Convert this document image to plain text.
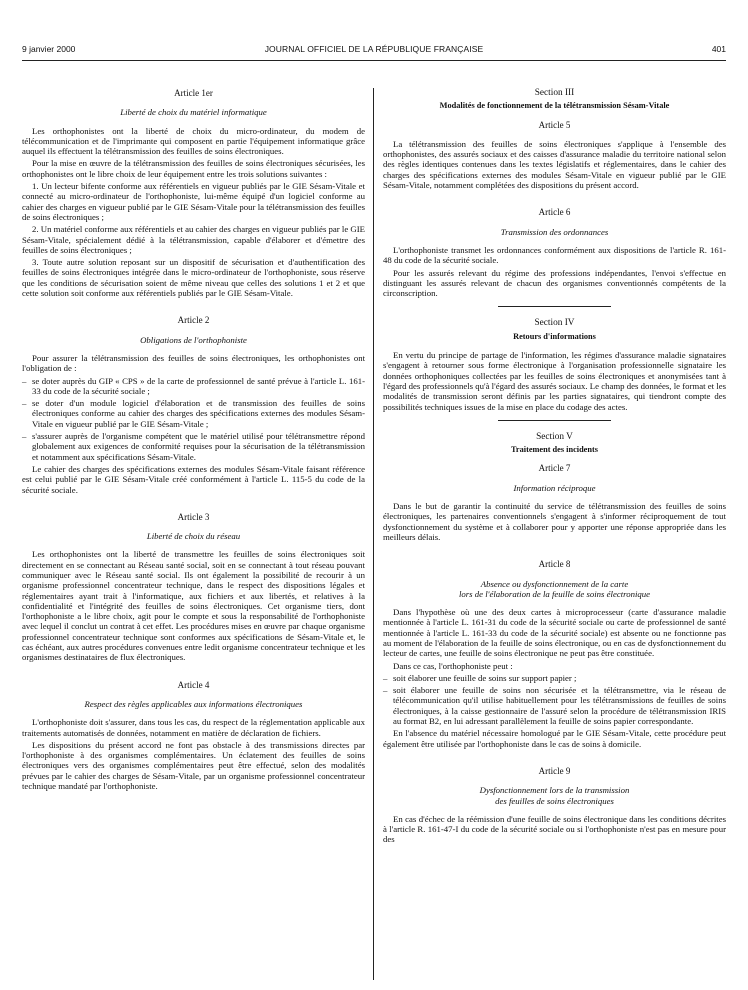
9 janvier 2000	JOURNAL OFFICIEL DE LA RÉPUBLIQUE FRANÇAISE	401
Article 1er
Liberté de choix du matériel informatique

Les orthophonistes ont la liberté de choix du micro-ordinateur, du modem de télécommunication et de l'imprimante qui composent en partie l'équipement informatique grâce auquel ils effectuent la télétransmission des feuilles de soins électroniques.

Pour la mise en œuvre de la télétransmission des feuilles de soins électroniques sécurisées, les orthophonistes ont le libre choix de leur équipement entre les trois solutions suivantes :

1. Un lecteur bifente conforme aux référentiels en vigueur publiés par le GIE Sésam-Vitale et connecté au micro-ordinateur de l'orthophoniste, lui-même équipé d'un logiciel conforme au cahier des charges en vigueur publié par le GIE Sésam-Vitale pour la télétransmission des feuilles de soins électroniques ;

2. Un matériel conforme aux référentiels et au cahier des charges en vigueur publiés par le GIE Sésam-Vitale, spécialement dédié à la télétransmission, capable d'élaborer et d'émettre des feuilles de soins électroniques ;

3. Toute autre solution reposant sur un dispositif de sécurisation et d'authentification des feuilles de soins électroniques intégrée dans le micro-ordinateur de l'orthophoniste, sous réserve que les conditions de sécurisation soient de même niveau que celles des solutions 1 et 2 et que cette solution soit conforme aux référentiels publiés par le GIE Sésam-Vitale.

Article 2
Obligations de l'orthophoniste

Pour assurer la télétransmission des feuilles de soins électroniques, les orthophonistes ont l'obligation de :

– se doter auprès du GIP « CPS » de la carte de professionnel de santé prévue à l'article L. 161-33 du code de la sécurité sociale ;

– se doter d'un module logiciel d'élaboration et de transmission des feuilles de soins électroniques conforme au cahier des charges des spécifications externes des modules Sésam-Vitale en vigueur publié par le GIE Sésam-Vitale ;

– s'assurer auprès de l'organisme compétent que le matériel utilisé pour télétransmettre répond globalement aux exigences de conformité requises pour la sécurisation de la télétransmission et notamment aux spécifications Sésam-Vitale.

Le cahier des charges des spécifications externes des modules Sésam-Vitale faisant référence est celui publié par le GIE Sésam-Vitale créé conformément à l'article L. 115-5 du code de la sécurité sociale.

Article 3
Liberté de choix du réseau

Les orthophonistes ont la liberté de transmettre les feuilles de soins électroniques soit directement en se connectant au Réseau santé social, soit en se connectant à tout réseau pouvant communiquer avec le Réseau santé social. Ils ont également la possibilité de recourir à un organisme professionnel concentrateur technique, dans le respect des dispositions légales et réglementaires ayant trait à l'informatique, aux fichiers et aux libertés, et relatives à la confidentialité et l'intégrité des feuilles de soins électroniques. Cet organisme tiers, dont l'orthophoniste a le libre choix, agit pour le compte et sous la responsabilité de l'orthophoniste avec lequel il conclut un contrat à cet effet. Les procédures mises en œuvre par chaque organisme professionnel concentrateur technique sont conformes aux spécifications de Sésam-Vitale et, le cas échéant, aux autres procédures convenues entre ledit organisme concentrateur technique et les organismes destinataires de flux électroniques.

Article 4
Respect des règles applicables aux informations électroniques

L'orthophoniste doit s'assurer, dans tous les cas, du respect de la réglementation applicable aux traitements automatisés de données, notamment en matière de déclaration de fichiers.

Les dispositions du présent accord ne font pas obstacle à des transmissions directes par l'orthophoniste à des organismes complémentaires. Un éclatement des feuilles de soins électroniques vers des organismes complémentaires peut être effectué, selon des modalités prévues par le cahier des charges de Sésam-Vitale, par un organisme professionnel concentrateur technique mandaté par l'orthophoniste.

Section III
Modalités de fonctionnement de la télétransmission Sésam-Vitale
Article 5

La télétransmission des feuilles de soins électroniques s'applique à l'ensemble des orthophonistes, des assurés sociaux et des caisses d'assurance maladie du territoire national selon des règles identiques contenues dans les textes législatifs et réglementaires, dans le cahier des charges des spécifications externes des modules Sésam-Vitale en vigueur publié par le GIE Sésam-Vitale, notamment complétées des dispositions du présent accord.

Article 6
Transmission des ordonnances

L'orthophoniste transmet les ordonnances conformément aux dispositions de l'article R. 161-48 du code de la sécurité sociale.

Pour les assurés relevant du régime des professions indépendantes, l'envoi s'effectue en distinguant les assurés relevant de chacun des organismes conventionnés compétents de la circonscription.

Section IV
Retours d'informations

En vertu du principe de partage de l'information, les régimes d'assurance maladie signataires s'engagent à retourner sous forme électronique à l'organisation professionnelle signataire les données orthophoniques collectées par les feuilles de soins électroniques et anonymisées tant à l'égard des professionnels qu'à l'égard des assurés sociaux. Le champ des données, le format et les modalités de transmission seront définis par les parties signataires, qui tiendront compte des possibilités techniques issues de la mise en place du codage des actes.

Section V
Traitement des incidents
Article 7
Information réciproque

Dans le but de garantir la continuité du service de télétransmission des feuilles de soins électroniques, les partenaires conventionnels s'engagent à s'informer réciproquement de tout dysfonctionnement du système et à collaborer pour y apporter une réponse appropriée dans les meilleurs délais.

Article 8
Absence ou dysfonctionnement de la carte
lors de l'élaboration de la feuille de soins électronique

Dans l'hypothèse où une des deux cartes à microprocesseur (carte d'assurance maladie mentionnée à l'article L. 161-31 du code de la sécurité sociale ou carte de professionnel de santé mentionnée à l'article L. 161-33 du code de la sécurité sociale) est absente ou ne fonctionne pas au moment de l'élaboration de la feuille de soins électronique, ou en cas de dysfonctionnement du lecteur de cartes, une feuille de soins électronique ne peut pas être constituée.

Dans ce cas, l'orthophoniste peut :

– soit élaborer une feuille de soins sur support papier ;

– soit élaborer une feuille de soins non sécurisée et la télétransmettre, via le réseau de télécommunication qu'il utilise habituellement pour les télétransmissions de feuilles de soins électroniques, à la caisse gestionnaire de l'assuré selon la procédure de télétransmission IRIS au format B2, en lui adressant parallèlement la feuille de soins papier correspondante.

En l'absence du matériel nécessaire homologué par le GIE Sésam-Vitale, cette procédure peut également être utilisée par l'orthophoniste dans le cas de soins à domicile.

Article 9
Dysfonctionnement lors de la transmission
des feuilles de soins électroniques

En cas d'échec de la réémission d'une feuille de soins électronique dans les conditions décrites à l'article R. 161-47-I du code de la sécurité sociale ou si l'orthophoniste n'est pas en mesure pour des
